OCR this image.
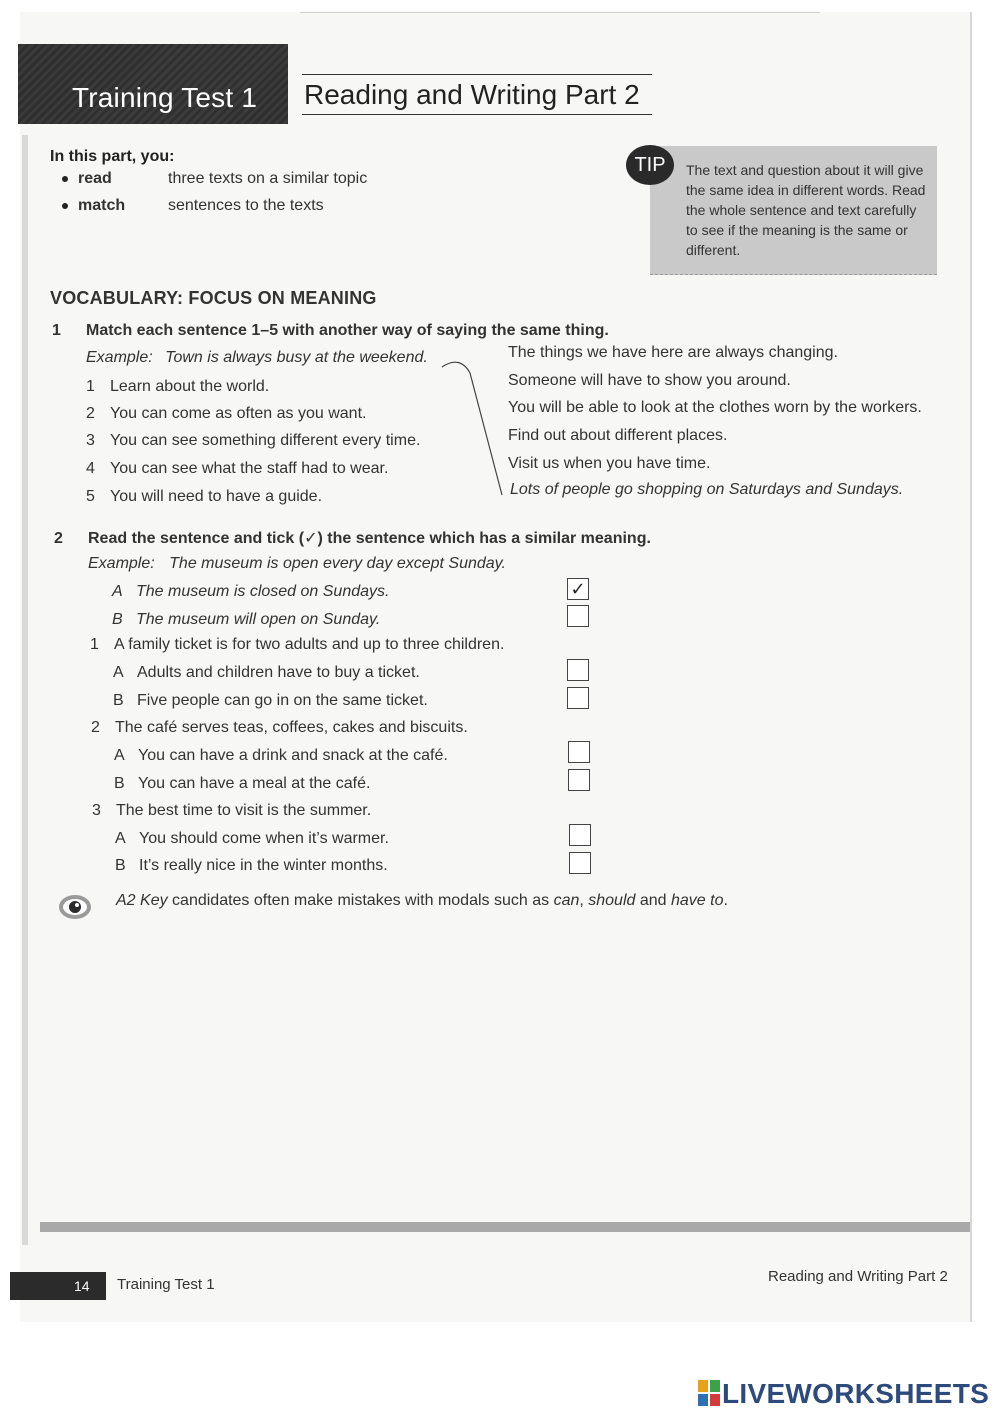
Training Test 1 Reading and Writing Part 2
In this part, you:
read	three texts on a similar topic
match	sentences to the texts
The text and question about it will give the same idea in different words. Read the whole sentence and text carefully to see if the meaning is the same or different.
TIP
VOCABULARY: FOCUS ON MEANING
1 Match each sentence 1–5 with another way of saying the same thing.
Example: Town is always busy at the weekend.
1 Learn about the world.
2 You can come as often as you want.
3 You can see something different every time.
4 You can see what the staff had to wear.
5 You will need to have a guide.
The things we have here are always changing.
Someone will have to show you around.
You will be able to look at the clothes worn by the workers.
Find out about different places.
Visit us when you have time.
Lots of people go shopping on Saturdays and Sundays.
2 Read the sentence and tick (✓) the sentence which has a similar meaning.
Example: The museum is open every day except Sunday.
A The museum is closed on Sundays.	✓
B The museum will open on Sunday.
1 A family ticket is for two adults and up to three children.
A Adults and children have to buy a ticket.
B Five people can go in on the same ticket.
2 The café serves teas, coffees, cakes and biscuits.
A You can have a drink and snack at the café.
B You can have a meal at the café.
3 The best time to visit is the summer.
A You should come when it’s warmer.
B It’s really nice in the winter months.
A2 Key candidates often make mistakes with modals such as can, should and have to.
14	Training Test 1	Reading and Writing Part 2
LIVEWORKSHEETS
